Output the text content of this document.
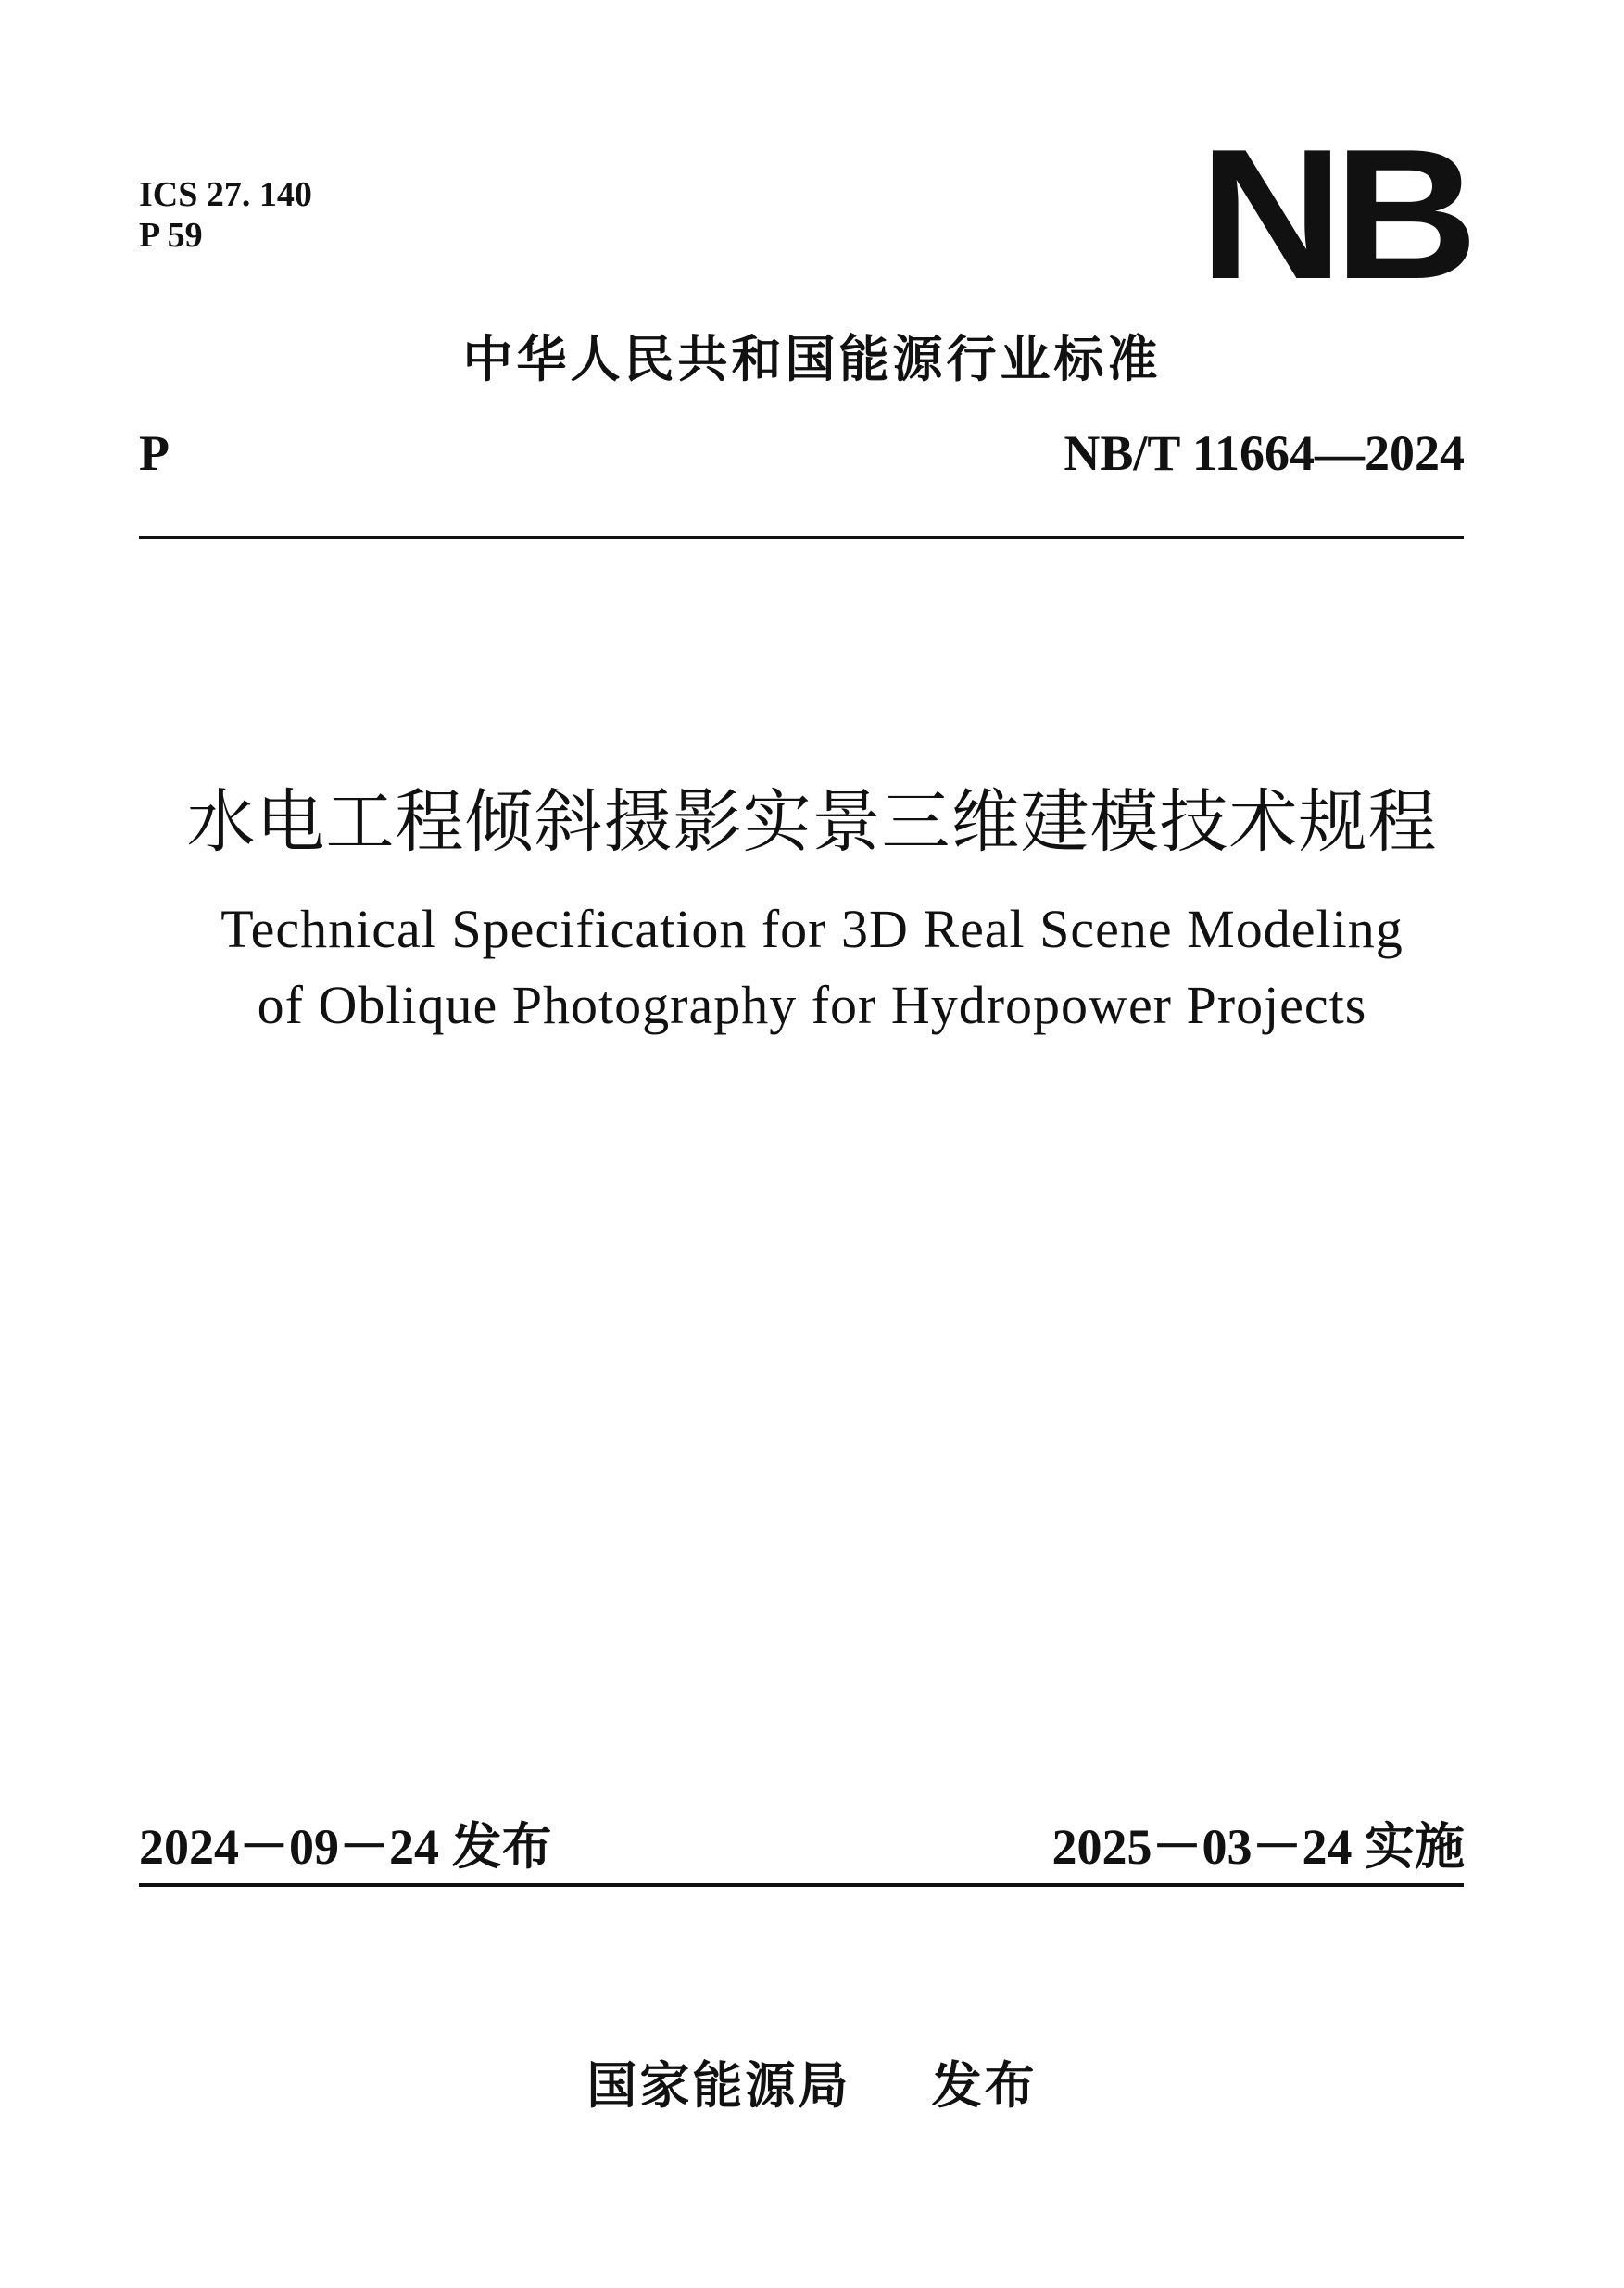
ICS 27. 140
P 59	NB
中华人民共和国能源行业标准
P	NB/T 11664—2024
水电工程倾斜摄影实景三维建模技术规程
Technical Specification for 3D Real Scene Modeling
of Oblique Photography for Hydropower Projects
2024－09－24 发布	2025－03－24 实施
国家能源局    发布
